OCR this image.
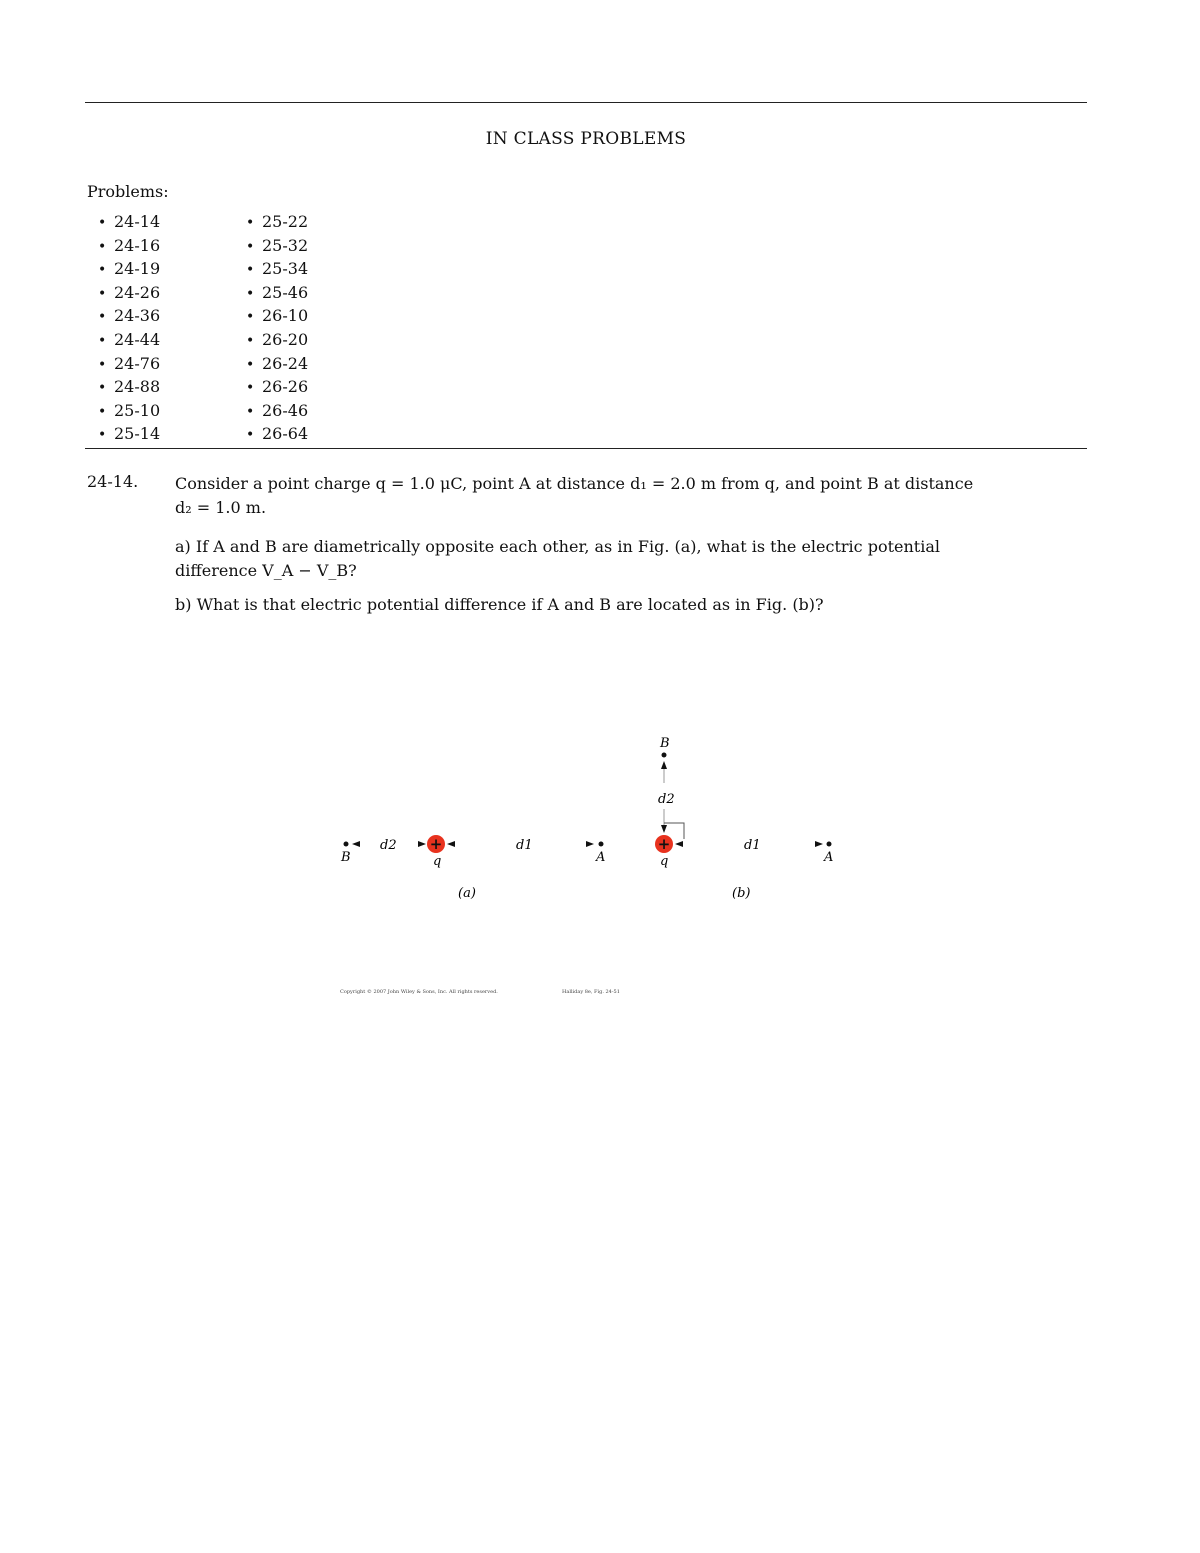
IN CLASS PROBLEMS
Problems:
• 24-14
• 24-16
• 24-19
• 24-26
• 24-36
• 24-44
• 24-76
• 24-88
• 25-10
• 25-14
• 25-22
• 25-32
• 25-34
• 25-46
• 26-10
• 26-20
• 26-24
• 26-26
• 26-46
• 26-64
24-14. Consider a point charge q = 1.0 μC, point A at distance d₁ = 2.0 m from q, and point B at distance
d₂ = 1.0 m.
a) If A and B are diametrically opposite each other, as in Fig. (a), what is the electric potential
difference V_A − V_B?
b) What is that electric potential difference if A and B are located as in Fig. (b)?
B
d2 +
q
d1
A
(a)
B
d2
+
q
d1
A
(b)
Copyright © 2007 John Wiley & Sons, Inc. All rights reserved.	Halliday 8e, Fig. 24-51
